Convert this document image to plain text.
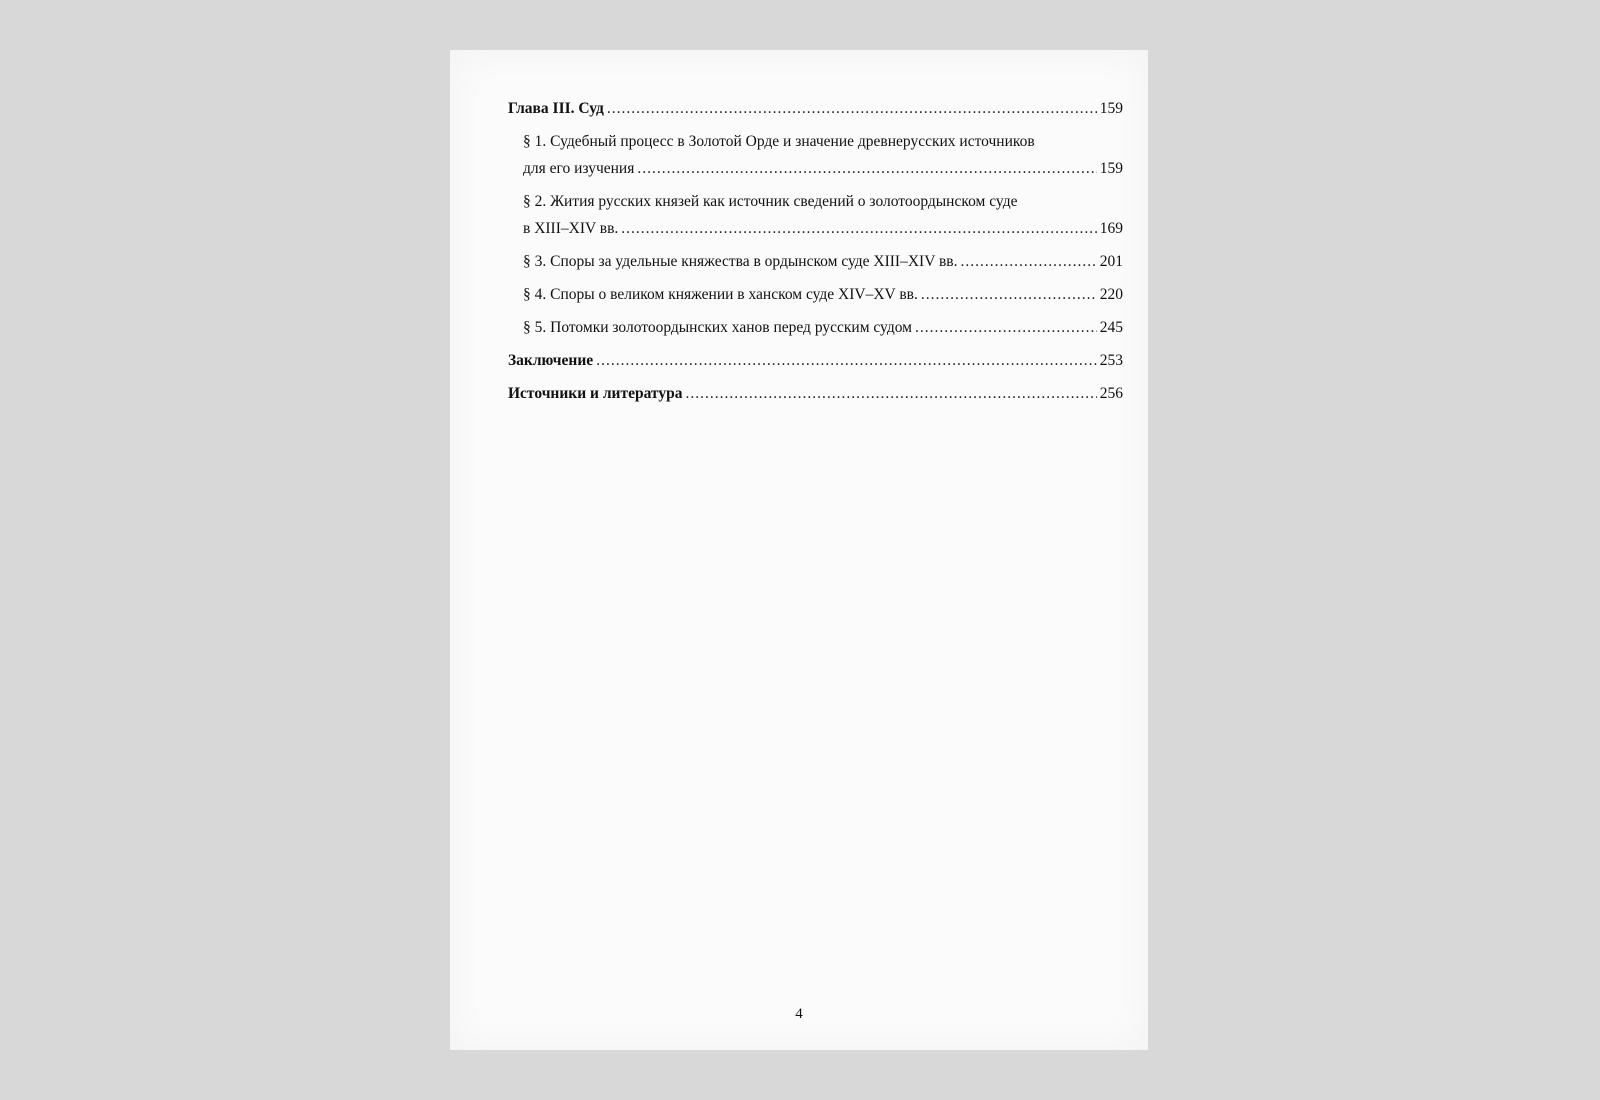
Глава III. Суд .....	159
§ 1. Судебный процесс в Золотой Орде и значение древнерусских источников
для его изучения .....	159
§ 2. Жития русских князей как источник сведений о золотоордынском суде
в XIII–XIV вв. .....	169
§ 3. Споры за удельные княжества в ордынском суде XIII–XIV вв. .....	201
§ 4. Споры о великом княжении в ханском суде XIV–XV вв. .....	220
§ 5. Потомки золотоордынских ханов перед русским судом .....	245
Заключение .....	253
Источники и литература .....	256
4
